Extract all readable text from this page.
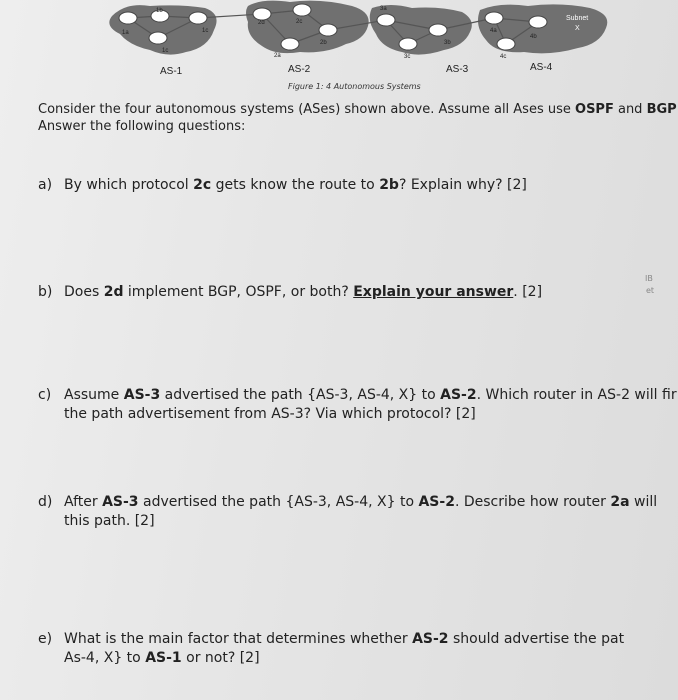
1a
1b
1c
1c
2d	2c
2b
2a
3a
3b
3c
4a
4b
4c
Subnet
X
AS-1	AS-2	AS-3	AS-4
Figure 1: 4 Autonomous Systems
Consider the four autonomous systems (ASes) shown above. Assume all Ases use OSPF and BGP
Answer the following questions:
a) By which protocol 2c gets know the route to 2b? Explain why? [2]
b) Does 2d implement BGP, OSPF, or both? Explain your answer. [2]
c) Assume AS-3 advertised the path {AS-3, AS-4, X} to AS-2. Which router in AS-2 will fir
the path advertisement from AS-3? Via which protocol? [2]
d) After AS-3 advertised the path {AS-3, AS-4, X} to AS-2. Describe how router 2a will
this path. [2]
e) What is the main factor that determines whether AS-2 should advertise the pat
As-4, X} to AS-1 or not? [2]
IB
et
